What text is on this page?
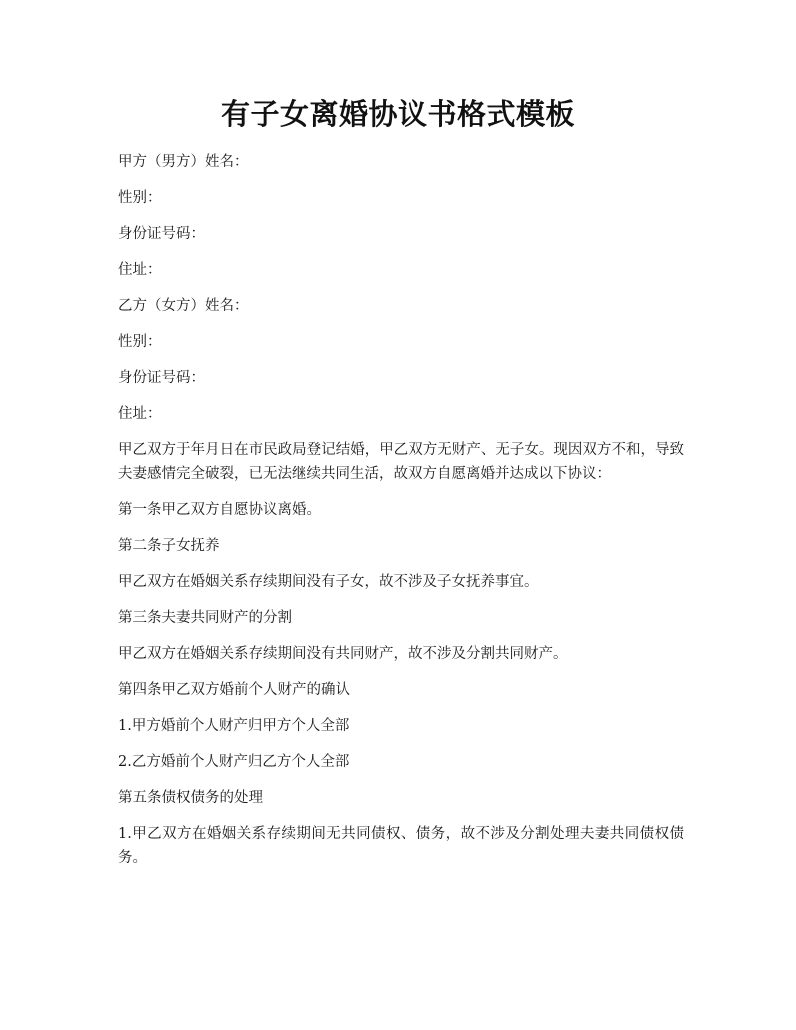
有子女离婚协议书格式模板

甲方（男方）姓名：

性别：

身份证号码：

住址：

乙方（女方）姓名：

性别：

身份证号码：

住址：

甲乙双方于年月日在市民政局登记结婚，甲乙双方无财产、无子女。现因双方不和，导致夫妻感情完全破裂，已无法继续共同生活，故双方自愿离婚并达成以下协议：

第一条甲乙双方自愿协议离婚。

第二条子女抚养

甲乙双方在婚姻关系存续期间没有子女，故不涉及子女抚养事宜。

第三条夫妻共同财产的分割

甲乙双方在婚姻关系存续期间没有共同财产，故不涉及分割共同财产。

第四条甲乙双方婚前个人财产的确认

1.甲方婚前个人财产归甲方个人全部

2.乙方婚前个人财产归乙方个人全部

第五条债权债务的处理

1.甲乙双方在婚姻关系存续期间无共同债权、债务，故不涉及分割处理夫妻共同债权债务。
